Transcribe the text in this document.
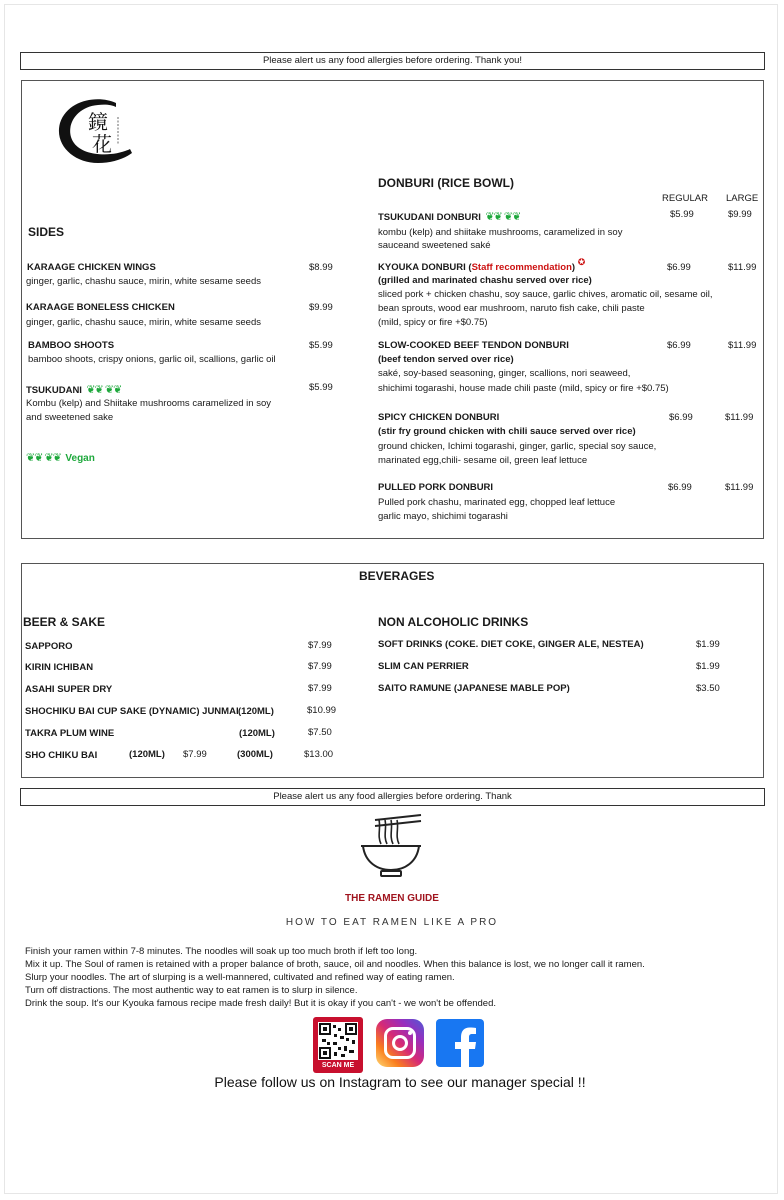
Please alert us any food allergies before ordering. Thank you!
鏡
花
SIDES
KARAAGE CHICKEN WINGS	$8.99
ginger, garlic, chashu sauce, mirin, white sesame seeds
KARAAGE BONELESS CHICKEN	$9.99
ginger, garlic, chashu sauce, mirin, white sesame seeds
BAMBOO SHOOTS	$5.99
bamboo shoots, crispy onions, garlic oil, scallions, garlic oil
TSUKUDANI ❦❦ ❦❦	$5.99
Kombu (kelp) and Shiitake mushrooms caramelized in soy
and sweetened sake
❦❦ ❦❦ Vegan
DONBURI (RICE BOWL)
REGULAR LARGE
TSUKUDANI DONBURI ❦❦ ❦❦	$5.99	$9.99
kombu (kelp) and shiitake mushrooms, caramelized in soy
sauceand sweetened saké
KYOUKA DONBURI (Staff recommendation) ✪	$6.99	$11.99
(grilled and marinated chashu served over rice)
sliced pork + chicken chashu, soy sauce, garlic chives, aromatic oil, sesame oil,
bean sprouts, wood ear mushroom, naruto fish cake, chili paste
(mild, spicy or fire +$0.75)
SLOW-COOKED BEEF TENDON DONBURI	$6.99	$11.99
(beef tendon served over rice)
saké, soy-based seasoning, ginger, scallions, nori seaweed,
shichimi togarashi, house made chili paste (mild, spicy or fire +$0.75)
SPICY CHICKEN DONBURI	$6.99	$11.99
(stir fry ground chicken with chili sauce served over rice)
ground chicken, Ichimi togarashi, ginger, garlic, special soy sauce,
marinated egg,chili- sesame oil, green leaf lettuce
PULLED PORK DONBURI	$6.99	$11.99
Pulled pork chashu, marinated egg, chopped leaf lettuce
garlic mayo, shichimi togarashi
BEVERAGES
BEER & SAKE
SAPPORO	$7.99
KIRIN ICHIBAN	$7.99
ASAHI SUPER DRY	$7.99
SHOCHIKU BAI CUP SAKE (DYNAMIC) JUNMAI (120ML)	$10.99
TAKRA PLUM WINE	(120ML)	$7.50
SHO CHIKU BAI	(120ML) $7.99	(300ML)	$13.00
NON ALCOHOLIC DRINKS
SOFT DRINKS (COKE. DIET COKE, GINGER ALE, NESTEA)	$1.99
SLIM CAN PERRIER	$1.99
SAITO RAMUNE (JAPANESE MABLE POP)	$3.50
Please alert us any food allergies before ordering. Thank
THE RAMEN GUIDE
HOW TO EAT RAMEN LIKE A PRO
Finish your ramen within 7-8 minutes. The noodles will soak up too much broth if left too long.
Mix it up. The Soul of ramen is retained with a proper balance of broth, sauce, oil and noodles. When this balance is lost, we no longer call it ramen.
Slurp your noodles. The art of slurping is a well-mannered, cultivated and refined way of eating ramen.
Turn off distractions. The most authentic way to eat ramen is to slurp in silence.
Drink the soup. It's our Kyouka famous recipe made fresh daily! But it is okay if you can't - we won't be offended.
SCAN ME
Please follow us on Instagram to see our manager special !!
